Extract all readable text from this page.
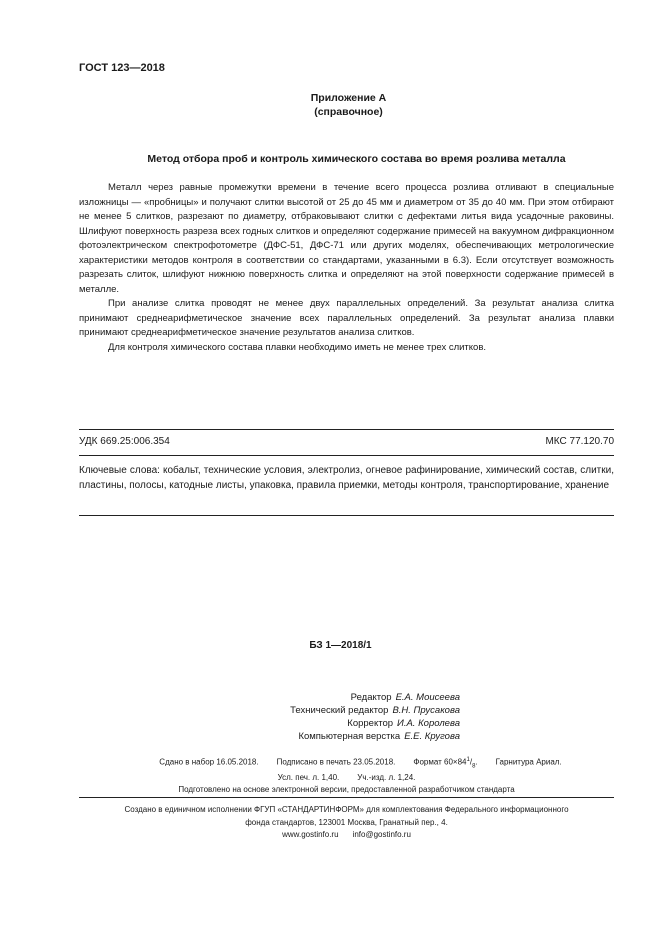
ГОСТ 123—2018
Приложение А
(справочное)
Метод отбора проб и контроль химического состава во время розлива металла

Металл через равные промежутки времени в течение всего процесса розлива отливают в специальные изложницы — «пробницы» и получают слитки высотой от 25 до 45 мм и диаметром от 35 до 40 мм. При этом отбирают не менее 5 слитков, разрезают по диаметру, отбраковывают слитки с дефектами литья вида усадочные раковины. Шлифуют поверхность разреза всех годных слитков и определяют содержание примесей на вакуумном дифракционном фотоэлектрическом спектрофотометре (ДФС-51, ДФС-71 или других моделях, обеспечивающих метрологические характеристики методов контроля в соответствии со стандартами, указанными в 6.3). Если отсутствует возможность разрезать слиток, шлифуют нижнюю поверхность слитка и определяют на этой поверхности содержание примесей в металле.

При анализе слитка проводят не менее двух параллельных определений. За результат анализа слитка принимают среднеарифметическое значение всех параллельных определений. За результат анализа плавки принимают среднеарифметическое значение результатов анализа слитков.

Для контроля химического состава плавки необходимо иметь не менее трех слитков.

УДК 669.25:006.354	МКС 77.120.70
Ключевые слова: кобальт, технические условия, электролиз, огневое рафинирование, химический состав, слитки, пластины, полосы, катодные листы, упаковка, правила приемки, методы контроля, транспортирование, хранение
БЗ 1—2018/1
Редактор Е.А. Моисеева
Технический редактор В.Н. Прусакова
Корректор И.А. Королева
Компьютерная верстка Е.Е. Кругова
Сдано в набор 16.05.2018. Подписано в печать 23.05.2018. Формат $60\times 84^1/_8$. Гарнитура Ариал.
Усл. печ. л. 1,40. Уч.-изд. л. 1,24.
Подготовлено на основе электронной версии, предоставленной разработчиком стандарта
Создано в единичном исполнении ФГУП «СТАНДАРТИНФОРМ» для комплектования Федерального информационного
фонда стандартов, 123001 Москва, Гранатный пер., 4.
www.gostinfo.ru info@gostinfo.ru
